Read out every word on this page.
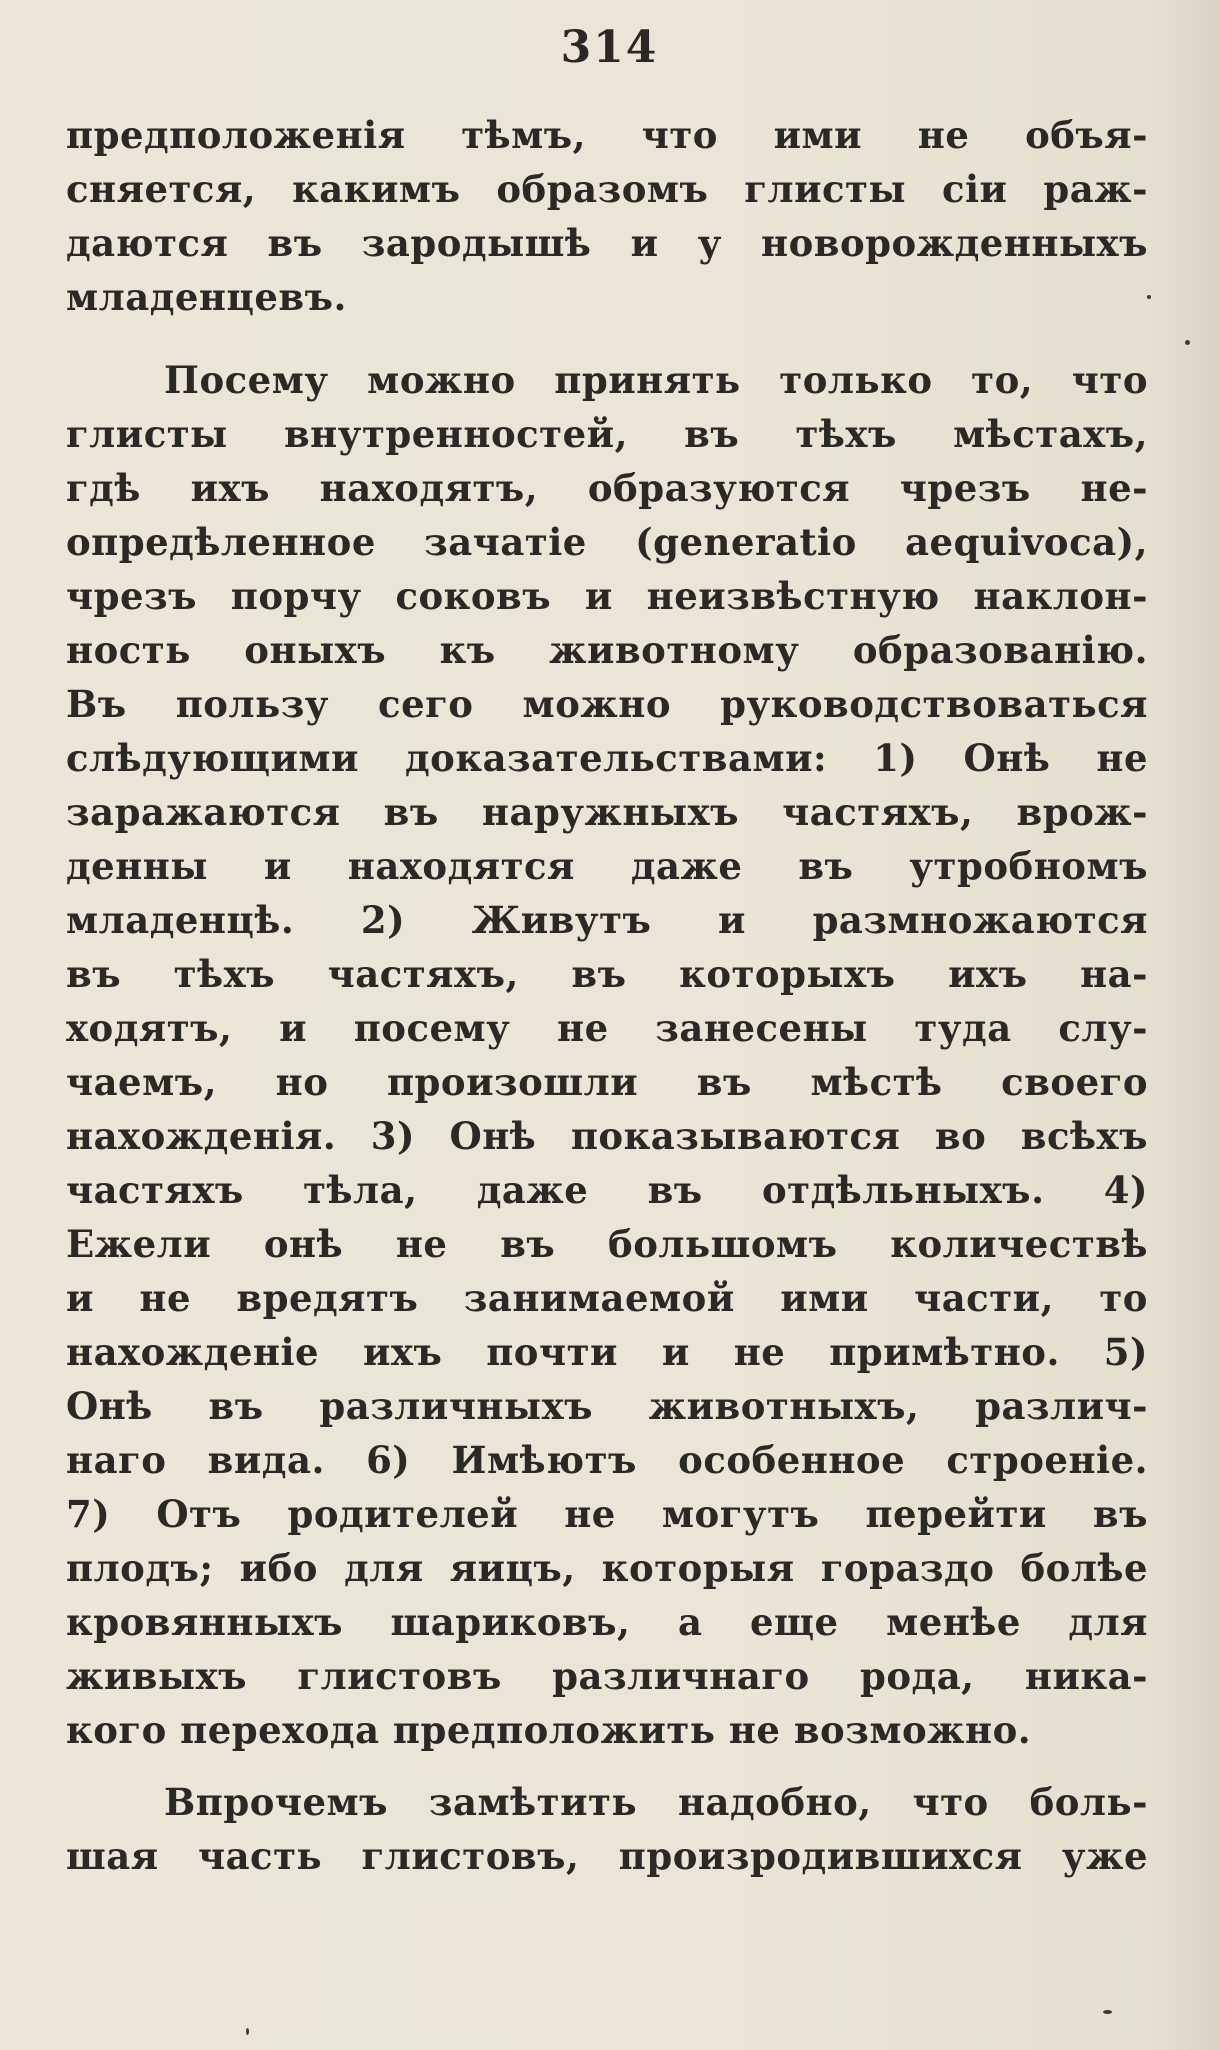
314
предположенія тѣмъ, что ими не объя-
сняется, какимъ образомъ глисты сіи раж-
даются въ зародышѣ и у новорожденныхъ
младенцевъ.
Посему можно принять только то, что
глисты внутренностей, въ тѣхъ мѣстахъ,
гдѣ ихъ находятъ, образуются чрезъ не-
опредѣленное зачатіе (generatio aequivoca),
чрезъ порчу соковъ и неизвѣстную наклон-
ность оныхъ къ животному образованію.
Въ пользу сего можно руководствоваться
слѣдующими доказательствами: 1) Онѣ не
заражаются въ наружныхъ частяхъ, врож-
денны и находятся даже въ утробномъ
младенцѣ. 2) Живутъ и размножаются
въ тѣхъ частяхъ, въ которыхъ ихъ на-
ходятъ, и посему не занесены туда слу-
чаемъ, но произошли въ мѣстѣ своего
нахожденія. 3) Онѣ показываются во всѣхъ
частяхъ тѣла, даже въ отдѣльныхъ. 4)
Ежели онѣ не въ большомъ количествѣ
и не вредятъ занимаемой ими части, то
нахожденіе ихъ почти и не примѣтно. 5)
Онѣ въ различныхъ животныхъ, различ-
наго вида. 6) Имѣютъ особенное строеніе.
7) Отъ родителей не могутъ перейти въ
плодъ; ибо для яицъ, которыя гораздо болѣе
кровянныхъ шариковъ, а еще менѣе для
живыхъ глистовъ различнаго рода, никa-
кого перехода предположить не возможно.
Впрочемъ замѣтить надобно, что боль-
шая часть глистовъ, произродившихся уже
